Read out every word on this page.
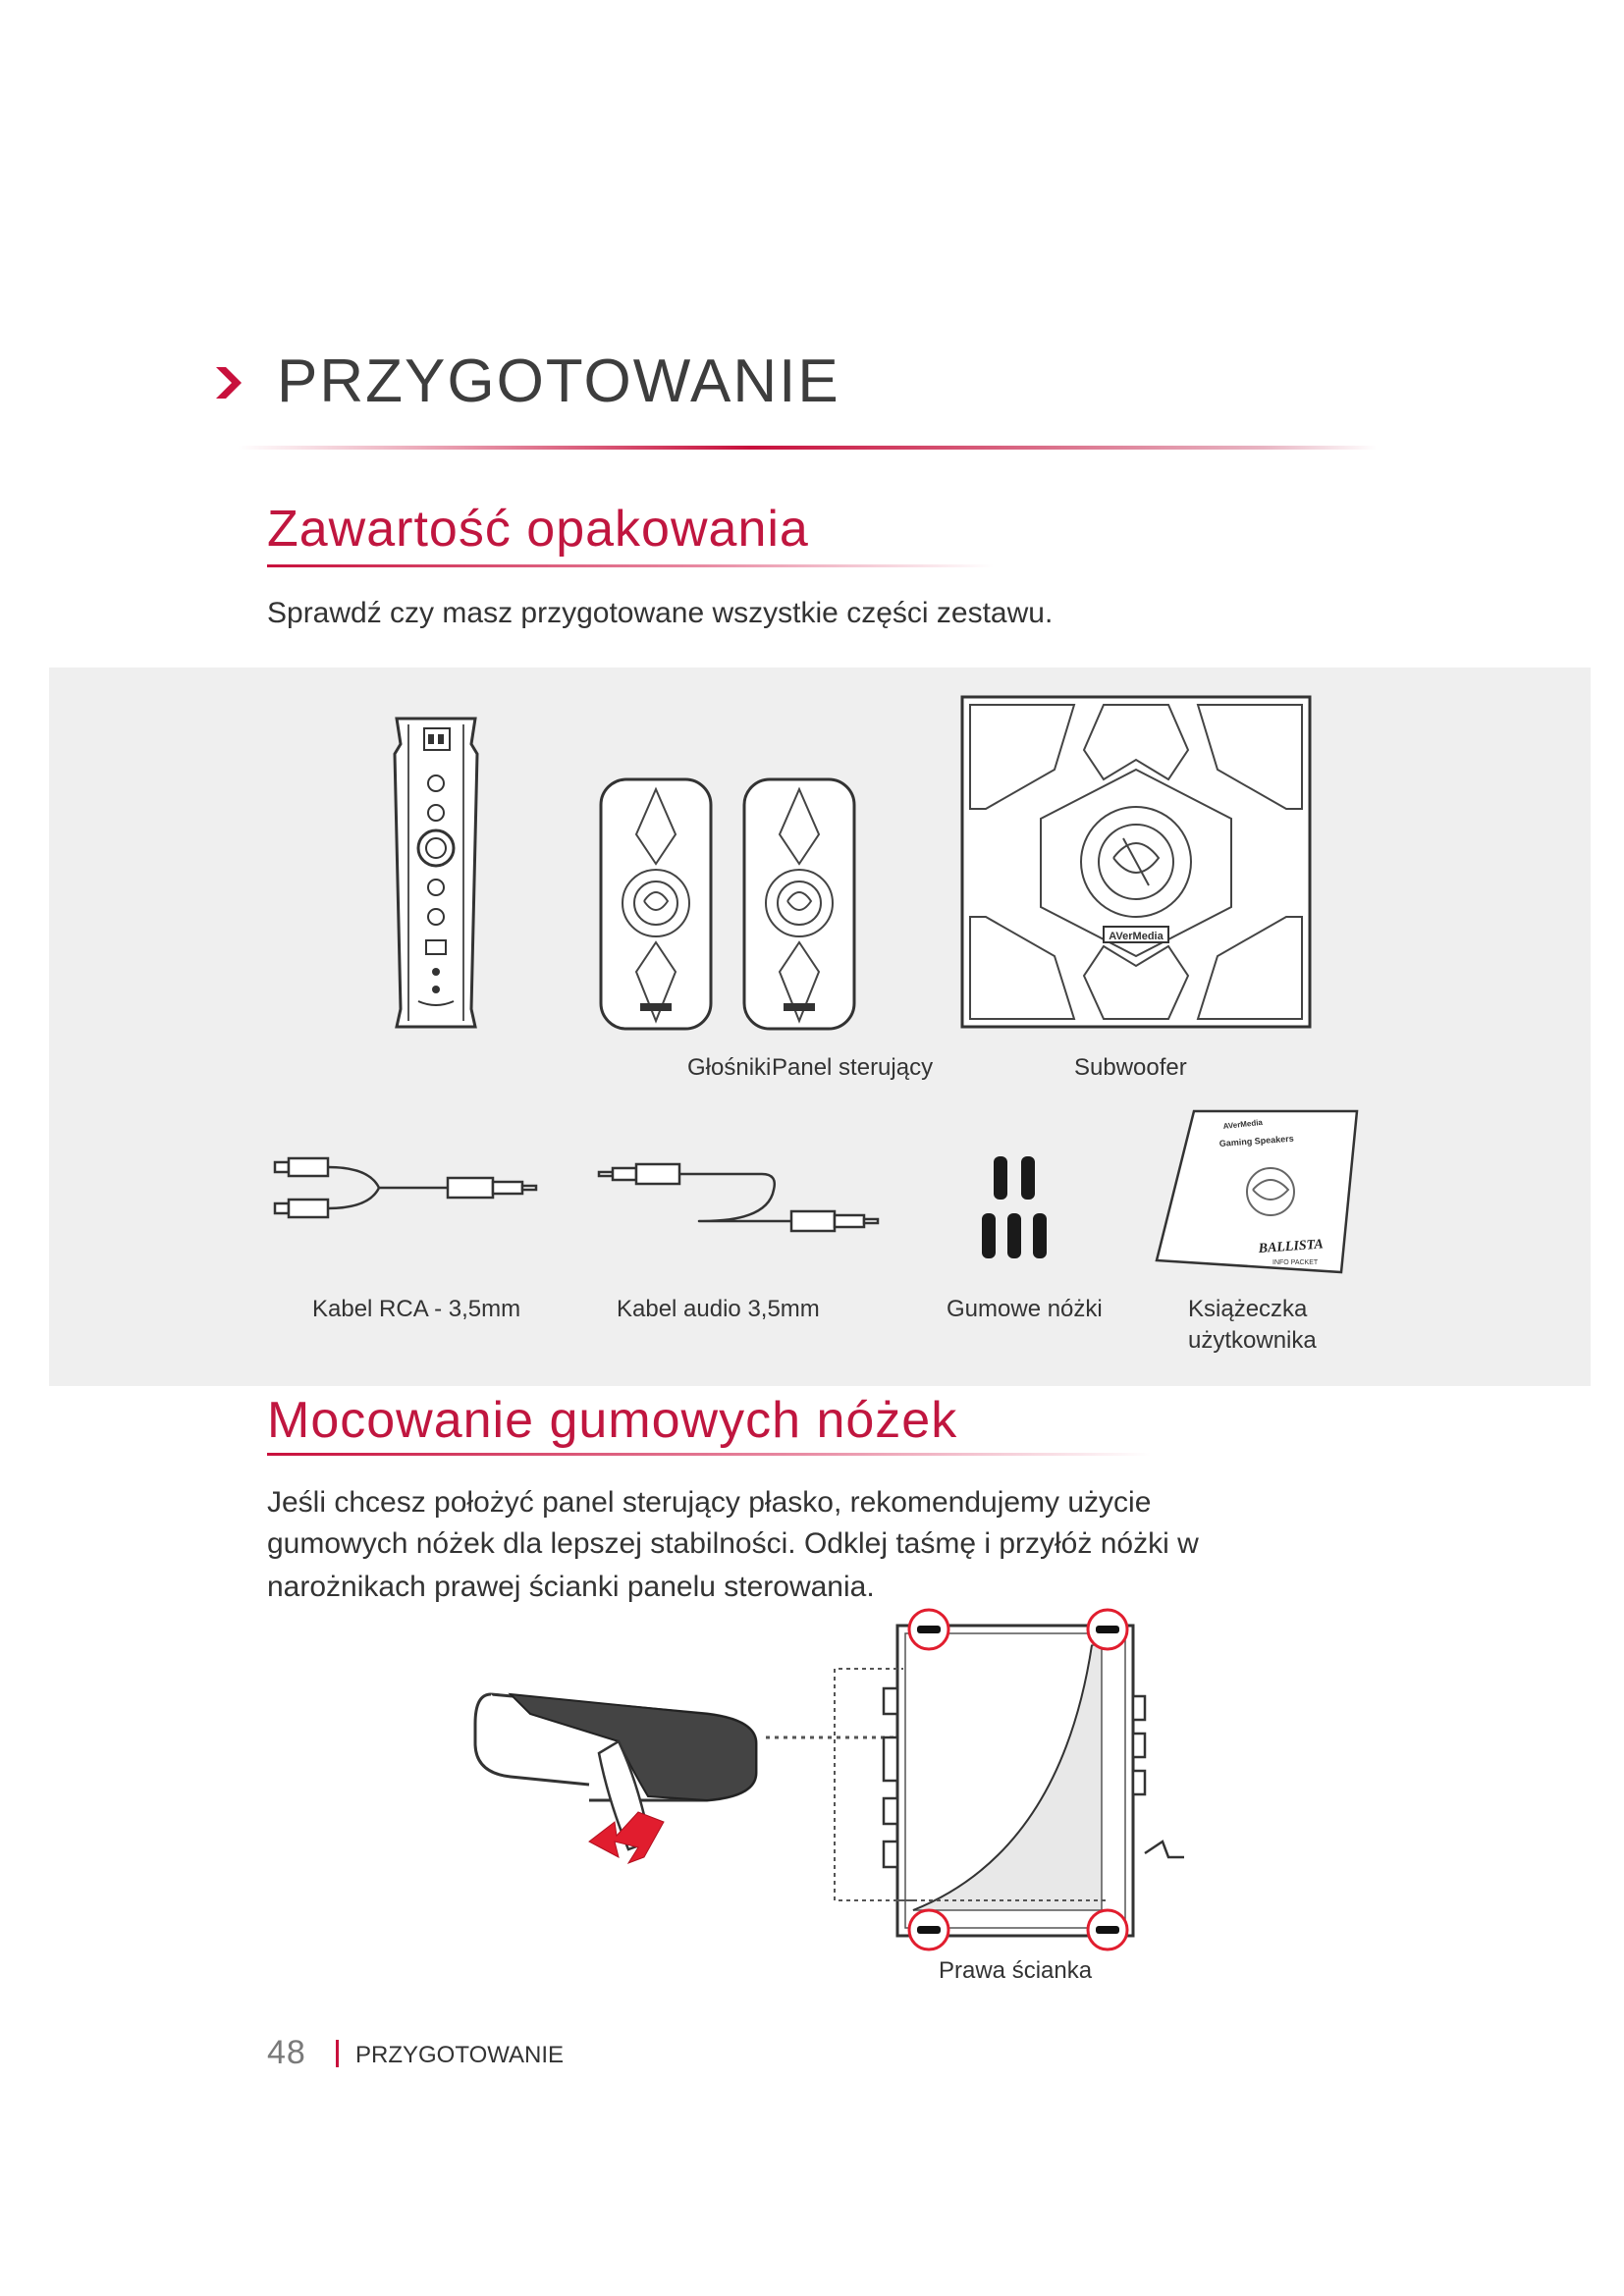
PRZYGOTOWANIE
Zawartość opakowania

Sprawdź czy masz przygotowane wszystkie części zestawu.

AVerMedia
Głośniki Panel sterujący	Subwoofer
AVerMedia
Gaming Speakers
BALLISTA
INFO PACKET
Kabel RCA - 3,5mm	Kabel audio 3,5mm	Gumowe nóżki	Książeczka
użytkownika
Mocowanie gumowych nóżek

Jeśli chcesz położyć panel sterujący płasko, rekomendujemy użycie

gumowych nóżek dla lepszej stabilności. Odklej taśmę i przyłóż nóżki w

narożnikach prawej ścianki panelu sterowania.

Prawa ścianka
48 PRZYGOTOWANIE
